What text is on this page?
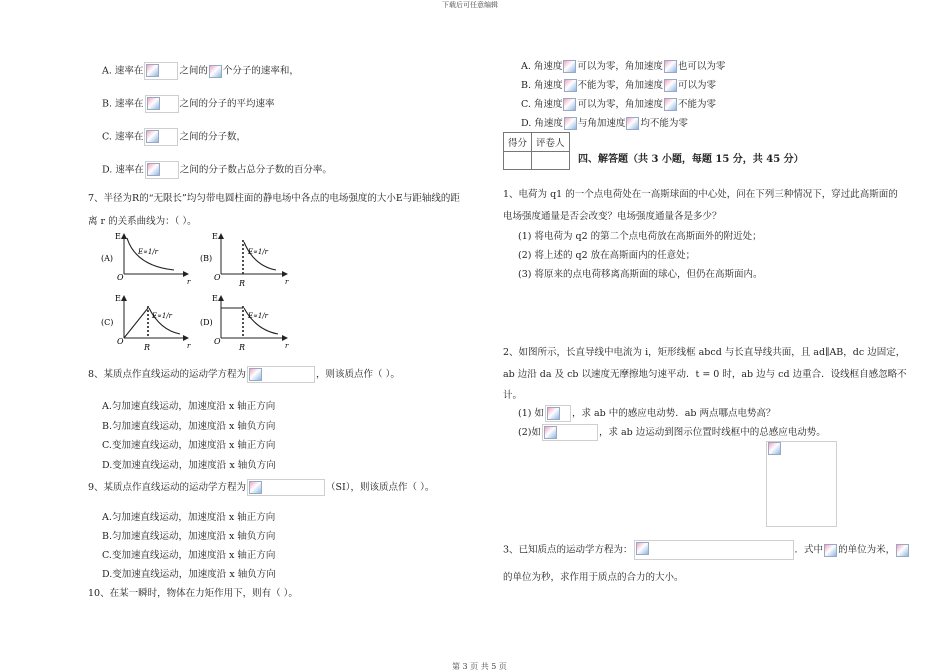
下载后可任意编辑
第 3 页 共 5 页
A. 速率在	之间的 个分子的速率和，
B. 速率在	之间的分子的平均速率
C. 速率在	之间的分子数，
D. 速率在	之间的分子数占总分子数的百分率。
7、半径为R的“无限长”均匀带电圆柱面的静电场中各点的电场强度的大小E与距轴线的距
离 r 的关系曲线为：（ ）。
E
O	r
E∝1/r
(A)
E
O
R	r
E∝1/r
(B)
E
O
R	r
E∝1/r
(C)
E
O
R	r
E∝1/r
(D)
8、某质点作直线运动的运动学方程为	，则该质点作（ ）。
A.匀加速直线运动，加速度沿 x 轴正方向
B.匀加速直线运动，加速度沿 x 轴负方向
C.变加速直线运动，加速度沿 x 轴正方向
D.变加速直线运动，加速度沿 x 轴负方向
9、某质点作直线运动的运动学方程为	（SI），则该质点作（ ）。
A.匀加速直线运动，加速度沿 x 轴正方向
B.匀加速直线运动，加速度沿 x 轴负方向
C.变加速直线运动，加速度沿 x 轴正方向
D.变加速直线运动，加速度沿 x 轴负方向
10、在某一瞬时，物体在力矩作用下，则有（ ）。
A. 角速度 可以为零，角加速度 也可以为零
B. 角速度 不能为零，角加速度 可以为零
C. 角速度 可以为零，角加速度 不能为零
D. 角速度 与角加速度 均不能为零
得分	评卷人

四、解答题（共 3 小题，每题 15 分，共 45 分）
1、电荷为 q1 的一个点电荷处在一高斯球面的中心处，问在下列三种情况下，穿过此高斯面的
电场强度通量是否会改变？电场强度通量各是多少？
(1) 将电荷为 q2 的第二个点电荷放在高斯面外的附近处；
(2) 将上述的 q2 放在高斯面内的任意处；
(3) 将原来的点电荷移离高斯面的球心，但仍在高斯面内。
2、如图所示，长直导线中电流为 i，矩形线框 abcd 与长直导线共面，且 ad∥AB，dc 边固定，
ab 边沿 da 及 cb 以速度无摩擦地匀速平动．t = 0 时，ab 边与 cd 边重合．设线框自感忽略不
计。
(1) 如	，求 ab 中的感应电动势．ab 两点哪点电势高？
(2)如	，求 ab 边运动到图示位置时线框中的总感应电动势。
3、已知质点的运动学方程为：	．式中 的单位为米，
的单位为秒，求作用于质点的合力的大小。
